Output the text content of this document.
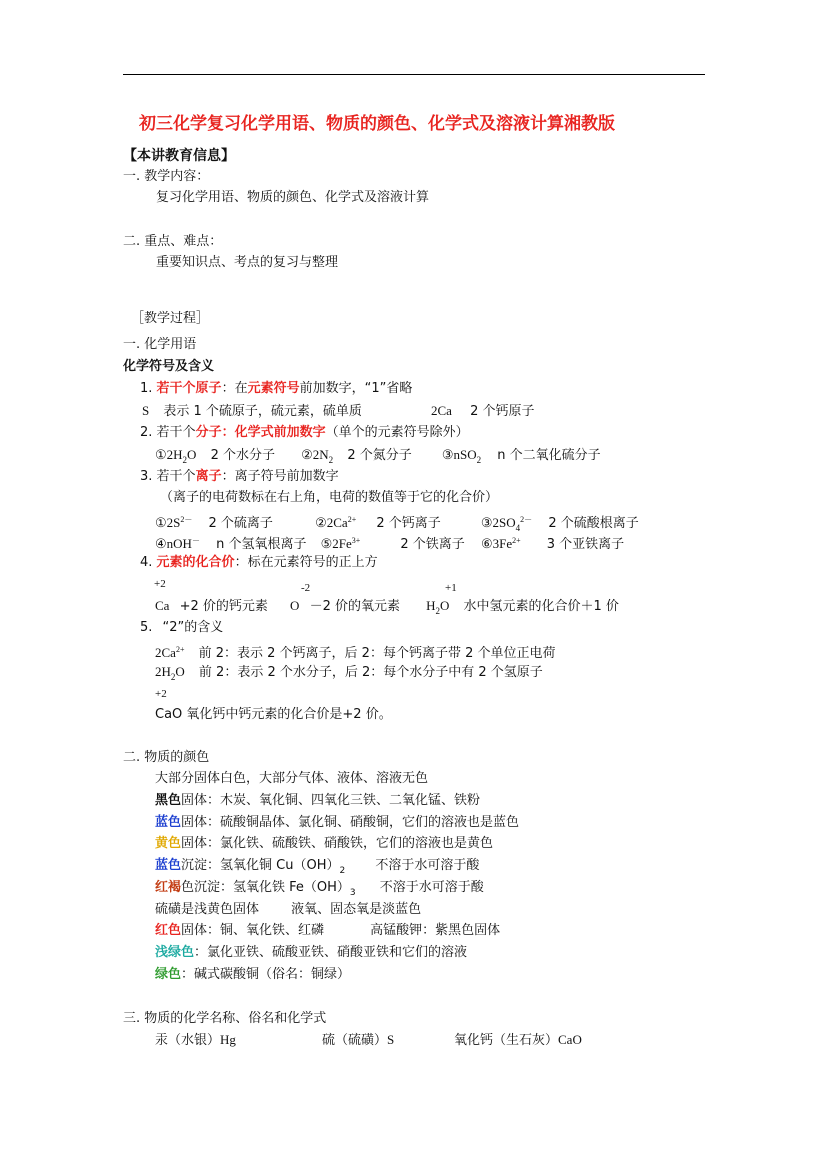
初三化学复习化学用语、物质的颜色、化学式及溶液计算湘教版
【本讲教育信息】
一. 教学内容：
复习化学用语、物质的颜色、化学式及溶液计算
二. 重点、难点：
重要知识点、考点的复习与整理
［教学过程］
一. 化学用语
化学符号及含义
1. 若干个原子：在元素符号前加数字，“1”省略
S 表示 1 个硫原子，硫元素，硫单质	2Ca 2 个钙原子
2. 若干个分子：化学式前加数字（单个的元素符号除外）
$①2H_2O$ 2 个水分子 $②2N_2$ 2 个氮分子 ③nSO$_2$ n 个二氧化硫分子
3. 若干个离子：离子符号前加数字
（离子的电荷数标在右上角，电荷的数值等于它的化合价）
$①2S^{2-}$ 2 个硫离子	$②2Ca^{2+}$ 2 个钙离子	$③2SO_4^{2-}$ 2 个硫酸根离子
④nOH－ n 个氢氧根离子 $⑤2Fe^{3+}$	2 个铁离子 $⑥3Fe^{2+}$ 3 个亚铁离子
4. 元素的化合价：标在元素符号的正上方
+2	-2	+1
Ca +2 价的钙元素 O －2 价的氧元素 $H_2O$ 水中氢元素的化合价＋1 价
5. “2”的含义
$2Ca^{2+}$ 前 2：表示 2 个钙离子，后 2：每个钙离子带 2 个单位正电荷
$2H_2O$ 前 2：表示 2 个水分子，后 2：每个水分子中有 2 个氢原子
+2
CaO 氧化钙中钙元素的化合价是+2 价。
二. 物质的颜色
大部分固体白色，大部分气体、液体、溶液无色
黑色固体：木炭、氧化铜、四氧化三铁、二氧化锰、铁粉
蓝色固体：硫酸铜晶体、氯化铜、硝酸铜，它们的溶液也是蓝色
黄色固体：氯化铁、硫酸铁、硝酸铁，它们的溶液也是黄色
蓝色沉淀：氢氧化铜 $Cu(OH)_2$ 不溶于水可溶于酸
红褐色沉淀：氢氧化铁 $Fe(OH)_3$ 不溶于水可溶于酸
硫磺是浅黄色固体 液氧、固态氧是淡蓝色
红色固体：铜、氧化铁、红磷	高锰酸钾：紫黑色固体
浅绿色：氯化亚铁、硫酸亚铁、硝酸亚铁和它们的溶液
绿色：碱式碳酸铜（俗名：铜绿）
三. 物质的化学名称、俗名和化学式
汞（水银）Hg	硫（硫磺）S	氧化钙（生石灰）CaO
